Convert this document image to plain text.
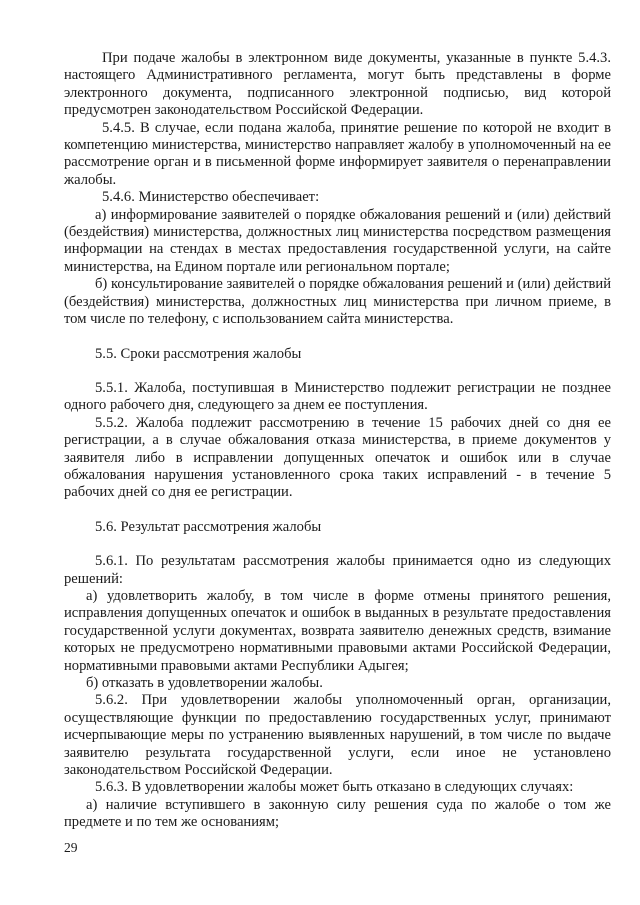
При подаче жалобы в электронном виде документы, указанные в пункте 5.4.3. настоящего Административного регламента, могут быть представлены в форме электронного документа, подписанного электронной подписью, вид которой предусмотрен законодательством Российской Федерации.

5.4.5. В случае, если подана жалоба, принятие решение по которой не входит в компетенцию министерства, министерство направляет жалобу в уполномоченный на ее рассмотрение орган и в письменной форме информирует заявителя о перенаправлении жалобы.

5.4.6. Министерство обеспечивает:

а) информирование заявителей о порядке обжалования решений и (или) действий (бездействия) министерства, должностных лиц министерства посредством размещения информации на стендах в местах предоставления государственной услуги, на сайте министерства, на Едином портале или региональном портале;

б) консультирование заявителей о порядке обжалования решений и (или) действий (бездействия) министерства, должностных лиц министерства при личном приеме, в том числе по телефону, с использованием сайта министерства.

5.5. Сроки рассмотрения жалобы

5.5.1. Жалоба, поступившая в Министерство подлежит регистрации не позднее одного рабочего дня, следующего за днем ее поступления.

5.5.2. Жалоба подлежит рассмотрению в течение 15 рабочих дней со дня ее регистрации, а в случае обжалования отказа министерства, в приеме документов у заявителя либо в исправлении допущенных опечаток и ошибок или в случае обжалования нарушения установленного срока таких исправлений - в течение 5 рабочих дней со дня ее регистрации.

5.6. Результат рассмотрения жалобы

5.6.1. По результатам рассмотрения жалобы принимается одно из следующих решений:

а) удовлетворить жалобу, в том числе в форме отмены принятого решения, исправления допущенных опечаток и ошибок в выданных в результате предоставления государственной услуги документах, возврата заявителю денежных средств, взимание которых не предусмотрено нормативными правовыми актами Российской Федерации, нормативными правовыми актами Республики Адыгея;

б) отказать в удовлетворении жалобы.

5.6.2. При удовлетворении жалобы уполномоченный орган, организации, осуществляющие функции по предоставлению государственных услуг, принимают исчерпывающие меры по устранению выявленных нарушений, в том числе по выдаче заявителю результата государственной услуги, если иное не установлено законодательством Российской Федерации.

5.6.3. В удовлетворении жалобы может быть отказано в следующих случаях:

а) наличие вступившего в законную силу решения суда по жалобе о том же предмете и по тем же основаниям;

29
